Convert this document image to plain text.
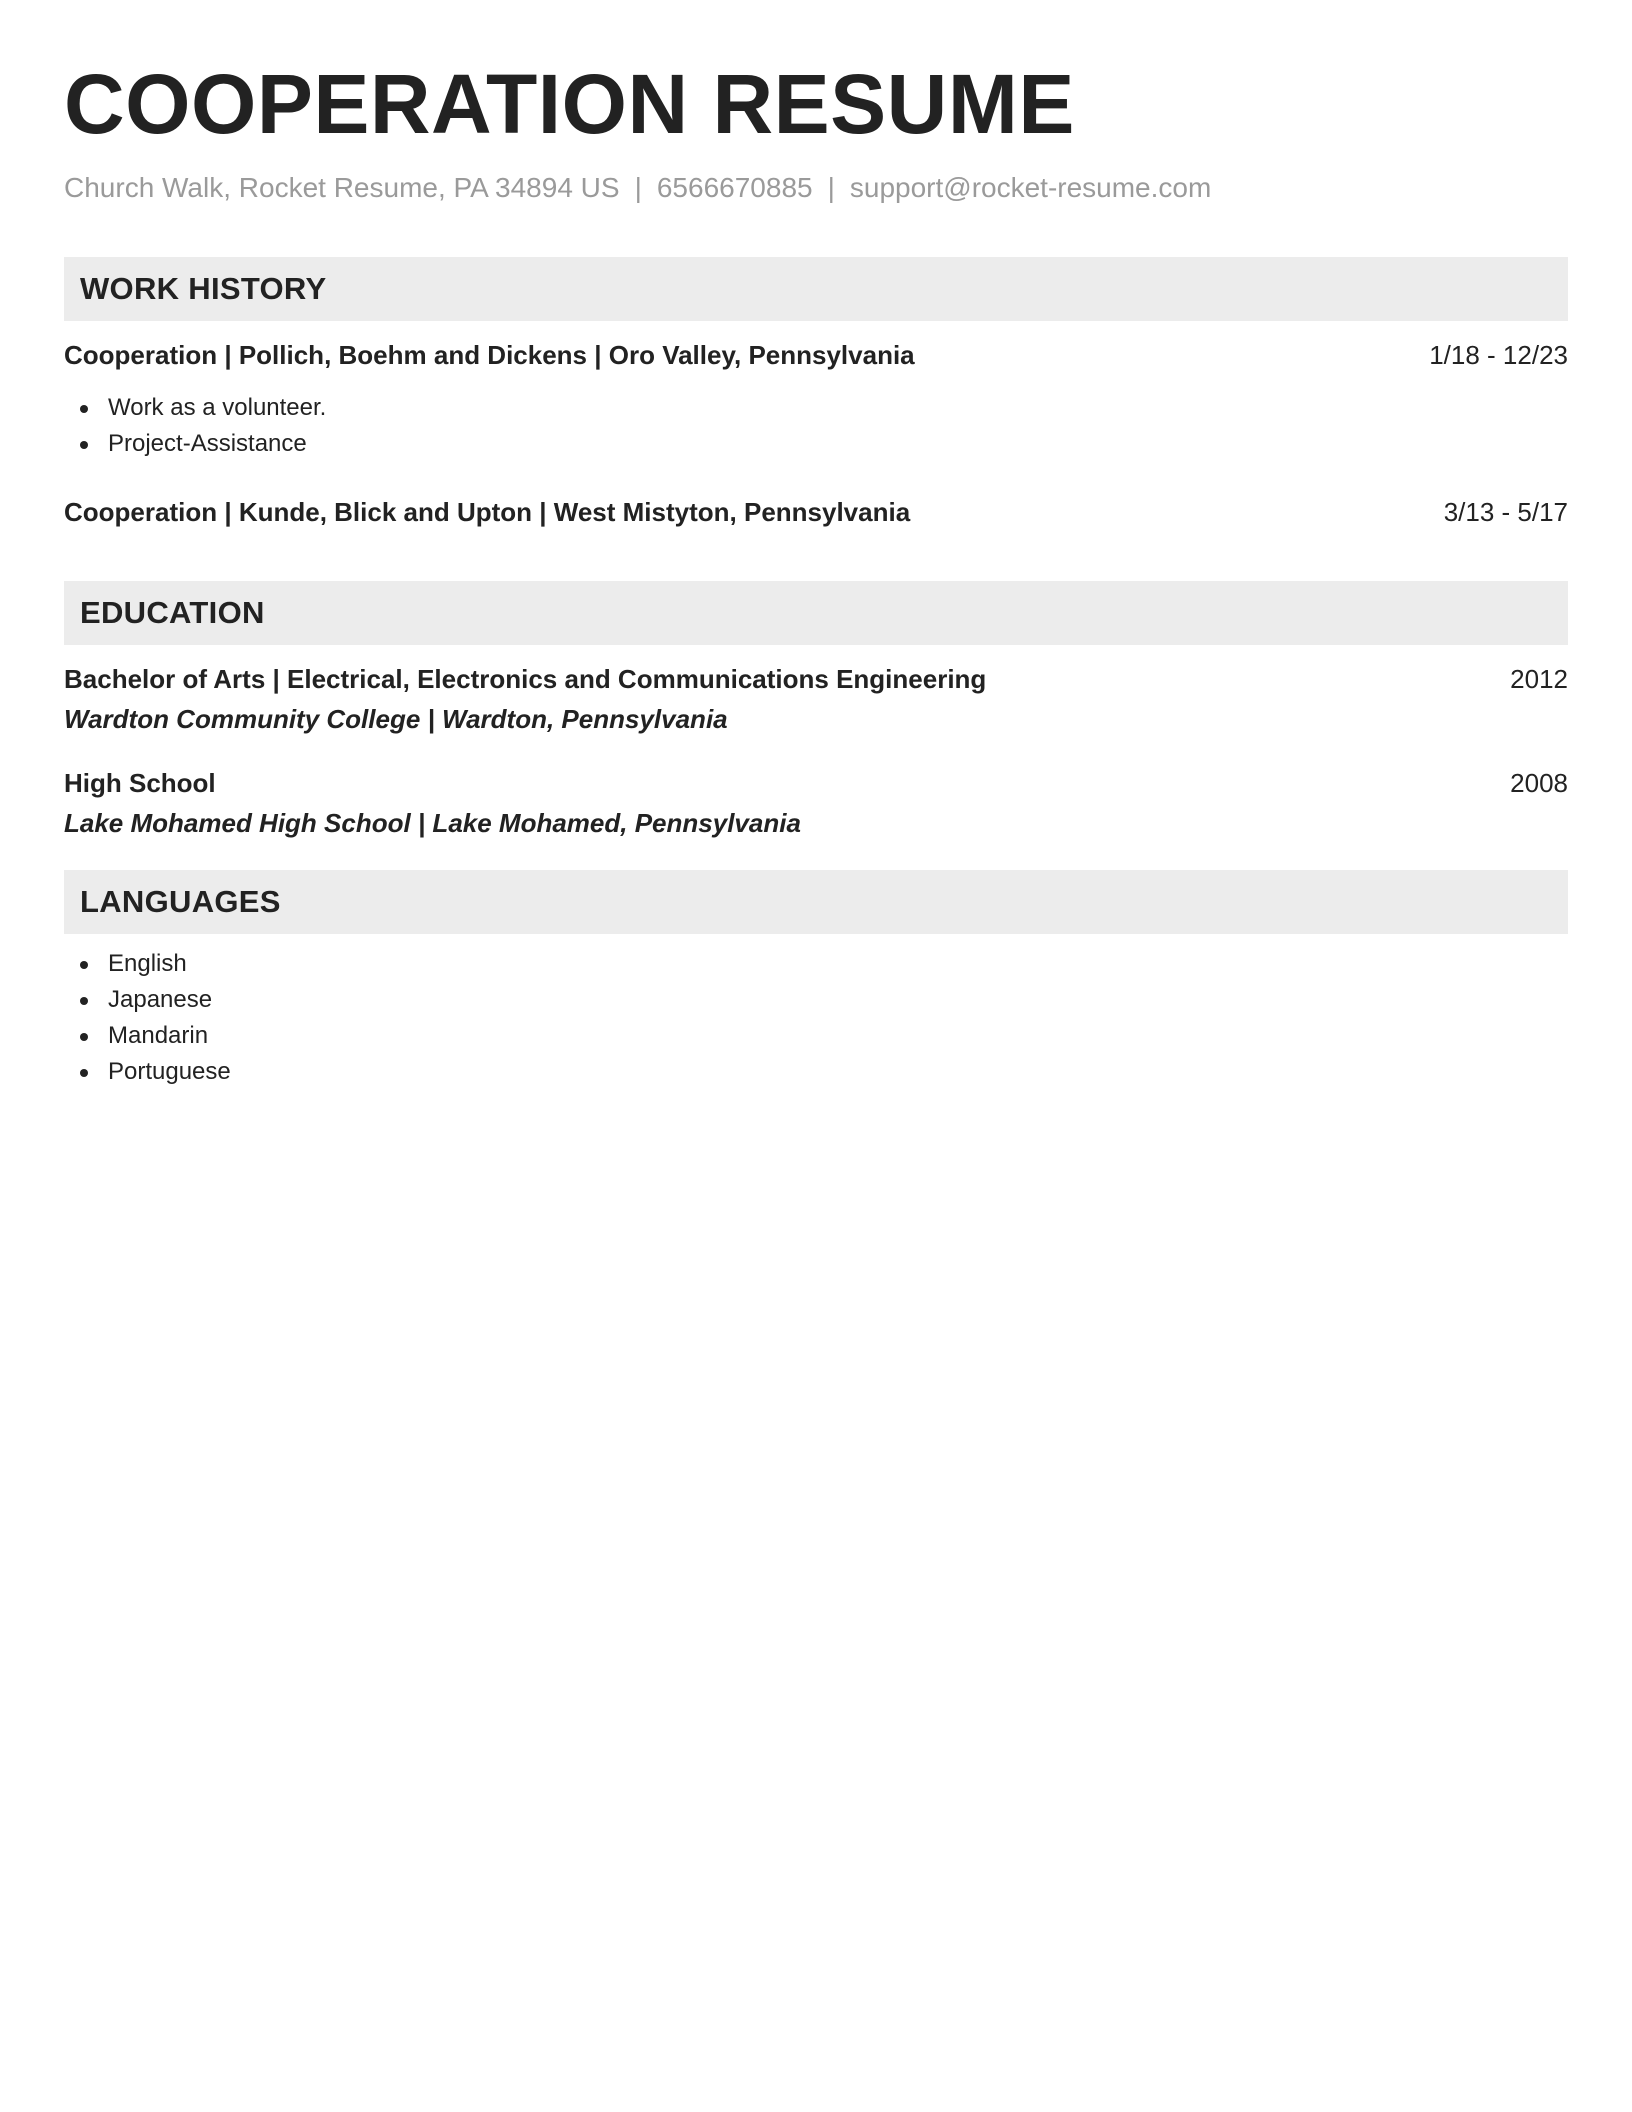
COOPERATION RESUME
Church Walk, Rocket Resume, PA 34894 US | 6566670885 | support@rocket-resume.com
WORK HISTORY
Cooperation | Pollich, Boehm and Dickens | Oro Valley, Pennsylvania	1/18 - 12/23
Work as a volunteer.
Project-Assistance
Cooperation | Kunde, Blick and Upton | West Mistyton, Pennsylvania	3/13 - 5/17
EDUCATION
Bachelor of Arts | Electrical, Electronics and Communications Engineering	2012
Wardton Community College | Wardton, Pennsylvania
High School	2008
Lake Mohamed High School | Lake Mohamed, Pennsylvania
LANGUAGES
English
Japanese
Mandarin
Portuguese
